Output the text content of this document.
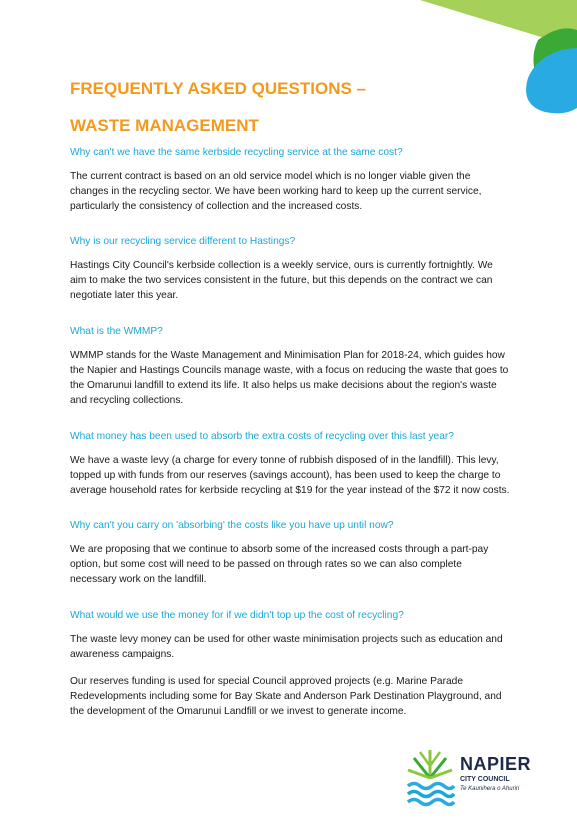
FREQUENTLY ASKED QUESTIONS –
WASTE MANAGEMENT

Why can't we have the same kerbside recycling service at the same cost?

The current contract is based on an old service model which is no longer viable given the changes in the recycling sector. We have been working hard to keep up the current service, particularly the consistency of collection and the increased costs.

Why is our recycling service different to Hastings?

Hastings City Council's kerbside collection is a weekly service, ours is currently fortnightly. We aim to make the two services consistent in the future, but this depends on the contract we can negotiate later this year.

What is the WMMP?

WMMP stands for the Waste Management and Minimisation Plan for 2018-24, which guides how the Napier and Hastings Councils manage waste, with a focus on reducing the waste that goes to the Omarunui landfill to extend its life. It also helps us make decisions about the region's waste and recycling collections.

What money has been used to absorb the extra costs of recycling over this last year?

We have a waste levy (a charge for every tonne of rubbish disposed of in the landfill). This levy, topped up with funds from our reserves (savings account), has been used to keep the charge to average household rates for kerbside recycling at $19 for the year instead of the $72 it now costs.

Why can't you carry on 'absorbing' the costs like you have up until now?

We are proposing that we continue to absorb some of the increased costs through a part-pay option, but some cost will need to be passed on through rates so we can also complete necessary work on the landfill.

What would we use the money for if we didn't top up the cost of recycling?

The waste levy money can be used for other waste minimisation projects such as education and awareness campaigns.

Our reserves funding is used for special Council approved projects (e.g. Marine Parade Redevelopments including some for Bay Skate and Anderson Park Destination Playground, and the development of the Omarunui Landfill or we invest to generate income.

NAPIER

CITY COUNCIL

Te Kaunihera o Ahuriri
